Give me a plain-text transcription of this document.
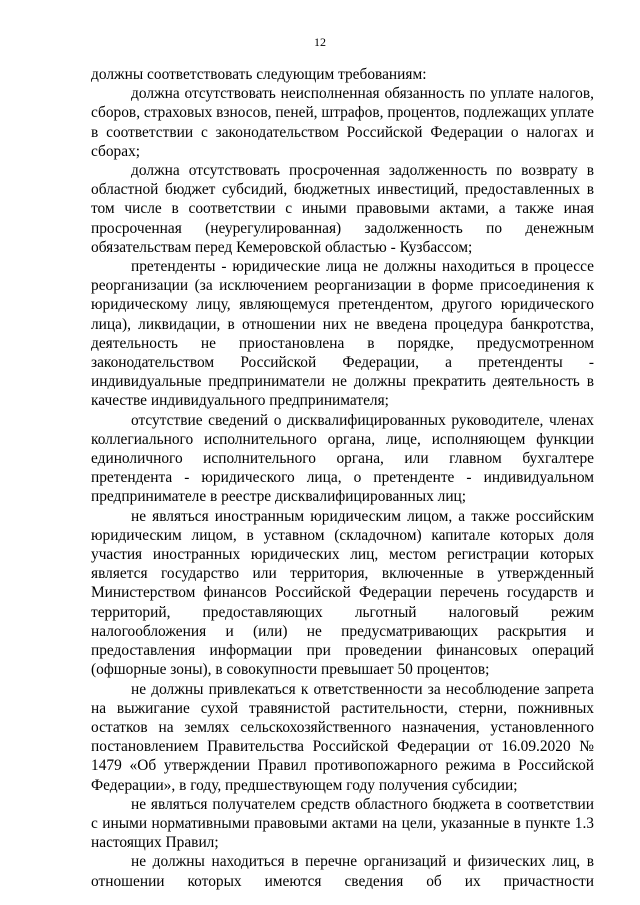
12

должны соответствовать следующим требованиям:

должна отсутствовать неисполненная обязанность по уплате налогов, сборов, страховых взносов, пеней, штрафов, процентов, подлежащих уплате в соответствии с законодательством Российской Федерации о налогах и сборах;

должна отсутствовать просроченная задолженность по возврату в областной бюджет субсидий, бюджетных инвестиций, предоставленных в том числе в соответствии с иными правовыми актами, а также иная просроченная (неурегулированная) задолженность по денежным обязательствам перед Кемеровской областью - Кузбассом;

претенденты - юридические лица не должны находиться в процессе реорганизации (за исключением реорганизации в форме присоединения к юридическому лицу, являющемуся претендентом, другого юридического лица), ликвидации, в отношении них не введена процедура банкротства, деятельность не приостановлена в порядке, предусмотренном законодательством Российской Федерации, а претенденты - индивидуальные предприниматели не должны прекратить деятельность в качестве индивидуального предпринимателя;

отсутствие сведений о дисквалифицированных руководителе, членах коллегиального исполнительного органа, лице, исполняющем функции единоличного исполнительного органа, или главном бухгалтере претендента - юридического лица, о претенденте - индивидуальном предпринимателе в реестре дисквалифицированных лиц;

не являться иностранным юридическим лицом, а также российским юридическим лицом, в уставном (складочном) капитале которых доля участия иностранных юридических лиц, местом регистрации которых является государство или территория, включенные в утвержденный Министерством финансов Российской Федерации перечень государств и территорий, предоставляющих льготный налоговый режим налогообложения и (или) не предусматривающих раскрытия и предоставления информации при проведении финансовых операций (офшорные зоны), в совокупности превышает 50 процентов;

не должны привлекаться к ответственности за несоблюдение запрета на выжигание сухой травянистой растительности, стерни, пожнивных остатков на землях сельскохозяйственного назначения, установленного постановлением Правительства Российской Федерации от 16.09.2020 № 1479 «Об утверждении Правил противопожарного режима в Российской Федерации», в году, предшествующем году получения субсидии;

не являться получателем средств областного бюджета в соответствии с иными нормативными правовыми актами на цели, указанные в пункте 1.3 настоящих Правил;

не должны находиться в перечне организаций и физических лиц, в отношении которых имеются сведения об их причастности
